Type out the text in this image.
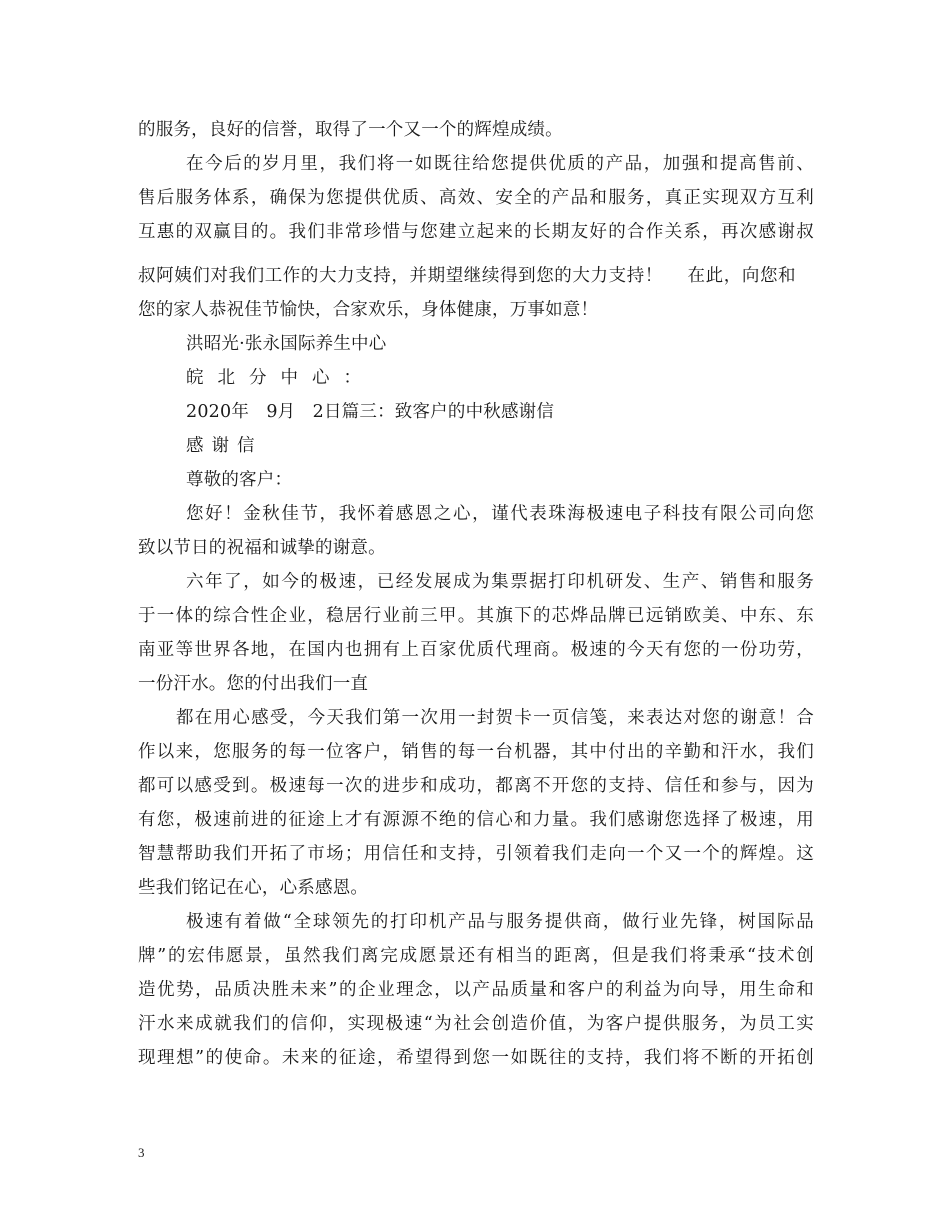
的服务，良好的信誉，取得了一个又一个的辉煌成绩。
在今后的岁月里，我们将一如既往给您提供优质的产品，加强和提高售前、
售后服务体系，确保为您提供优质、高效、安全的产品和服务，真正实现双方互利
互惠的双赢目的。我们非常珍惜与您建立起来的长期友好的合作关系，再次感谢叔
叔阿姨们对我们工作的大力支持，并期望继续得到您的大力支持！    在此，向您和
您的家人恭祝佳节愉快，合家欢乐，身体健康，万事如意！
洪昭光·张永国际养生中心
皖北分中心：
2020年   9月   2日篇三：致客户的中秋感谢信
感谢信
尊敬的客户：
您好！金秋佳节，我怀着感恩之心，谨代表珠海极速电子科技有限公司向您
致以节日的祝福和诚挚的谢意。
六年了，如今的极速，已经发展成为集票据打印机研发、生产、销售和服务
于一体的综合性企业，稳居行业前三甲。其旗下的芯烨品牌已远销欧美、中东、东
南亚等世界各地，在国内也拥有上百家优质代理商。极速的今天有您的一份功劳，
一份汗水。您的付出我们一直
都在用心感受，今天我们第一次用一封贺卡一页信笺，来表达对您的谢意！合
作以来，您服务的每一位客户，销售的每一台机器，其中付出的辛勤和汗水，我们
都可以感受到。极速每一次的进步和成功，都离不开您的支持、信任和参与，因为
有您，极速前进的征途上才有源源不绝的信心和力量。我们感谢您选择了极速，用
智慧帮助我们开拓了市场；用信任和支持，引领着我们走向一个又一个的辉煌。这
些我们铭记在心，心系感恩。
极速有着做“全球领先的打印机产品与服务提供商，做行业先锋，树国际品
牌”的宏伟愿景，虽然我们离完成愿景还有相当的距离，但是我们将秉承“技术创
造优势，品质决胜未来”的企业理念，以产品质量和客户的利益为向导，用生命和
汗水来成就我们的信仰，实现极速“为社会创造价值，为客户提供服务，为员工实
现理想”的使命。未来的征途，希望得到您一如既往的支持，我们将不断的开拓创
3
